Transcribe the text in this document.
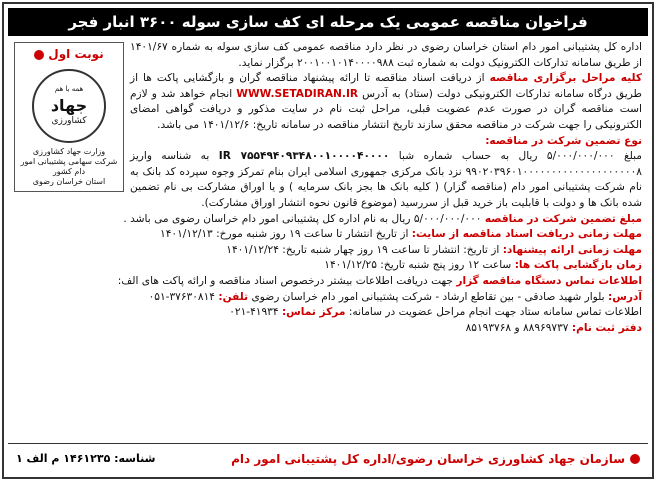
فراخوان مناقصه عمومی یک مرحله ای کف سازی سوله ۳۶۰۰ انبار فجر
نوبت اول
همه با هم
جهاد
کشاورزی
وزارت جهاد کشاورزی
شرکت سهامی پشتیبانی امور دام کشور
استان خراسان رضوی

اداره کل پشتیبانی امور دام استان خراسان رضوی در نظر دارد مناقصه عمومی کف سازی سوله به شماره ۱۴۰۱/۶۷ از طریق سامانه تدارکات الکترونیک دولت به شماره ثبت ۲۰۰۱۰۰۱۰۱۴۰۰۰۰۹۸۸ برگزار نماید.

کلیه مراحل برگزاری مناقصه از دریافت اسناد مناقصه تا ارائه پیشنهاد مناقصه گران و بازگشایی پاکت ها از طریق درگاه سامانه تدارکات الکترونیکی دولت (ستاد) به آدرس WWW.SETADIRAN.IR انجام خواهد شد و لازم است مناقصه گران در صورت عدم عضویت قبلی، مراحل ثبت نام در سایت مذکور و دریافت گواهی امضای الکترونیکی را جهت شرکت در مناقصه محقق سازند تاریخ انتشار مناقصه در سامانه تاریخ: ۱۴۰۱/۱۲/۶ می باشد.

نوع تضمین شرکت در مناقصه:

مبلغ ۵/۰۰۰/۰۰۰/۰۰۰ ریال به حساب شماره شبا IR ۷۵۵۴۹۴۰۹۳۴۸۰۰۱۰۰۰۰۴۰۰۰۰ به شناسه واریز ۹۹۰۲۰۳۹۶۰۱۰۰۰۰۰۰۰۰۰۰۰۰۰۰۰۰۰۰۰۰۸ نزد بانک مرکزی جمهوری اسلامی ایران بنام تمرکز وجوه سپرده کد بانک به نام شرکت پشتیبانی امور دام (مناقصه گزار) ( کلیه بانک ها بجز بانک سرمایه ) و یا اوراق مشارکت بی نام تضمین شده بانک ها و دولت با قابلیت باز خرید قبل از سررسید (موضوع قانون نحوه انتشار اوراق مشارکت).

مبلغ تضمین شرکت در مناقصه ۵/۰۰۰/۰۰۰/۰۰۰ ریال به نام اداره کل پشتیبانی امور دام خراسان رضوی می باشد .

مهلت زمانی دریافت اسناد مناقصه از سایت: از تاریخ انتشار تا ساعت ۱۹ روز شنبه مورخ: ۱۴۰۱/۱۲/۱۳

مهلت زمانی ارائه پیشنهاد: از تاریخ: انتشار تا ساعت ۱۹ روز چهار شنبه تاریخ: ۱۴۰۱/۱۲/۲۴

زمان بازگشایی پاکت ها: ساعت ۱۲ روز پنج شنبه تاریخ: ۱۴۰۱/۱۲/۲۵

اطلاعات تماس دستگاه مناقصه گزار جهت دریافت اطلاعات بیشتر درخصوص اسناد مناقصه و ارائه پاکت های الف:

آدرس: بلوار شهید صادقی - بین تقاطع ارشاد - شرکت پشتیبانی امور دام خراسان رضوی تلفن: ۰۵۱-۳۷۶۳۰۸۱۴

اطلاعات تماس سامانه ستاد جهت انجام مراحل عضویت در سامانه: مرکز تماس: ۰۲۱-۴۱۹۳۴

دفتر ثبت نام: ۸۸۹۶۹۷۳۷ و ۸۵۱۹۳۷۶۸

سازمان جهاد کشاورزی خراسان رضوی/اداره کل پشتیبانی امور دام
شناسه: ۱۴۶۱۲۳۵ م الف ۱
